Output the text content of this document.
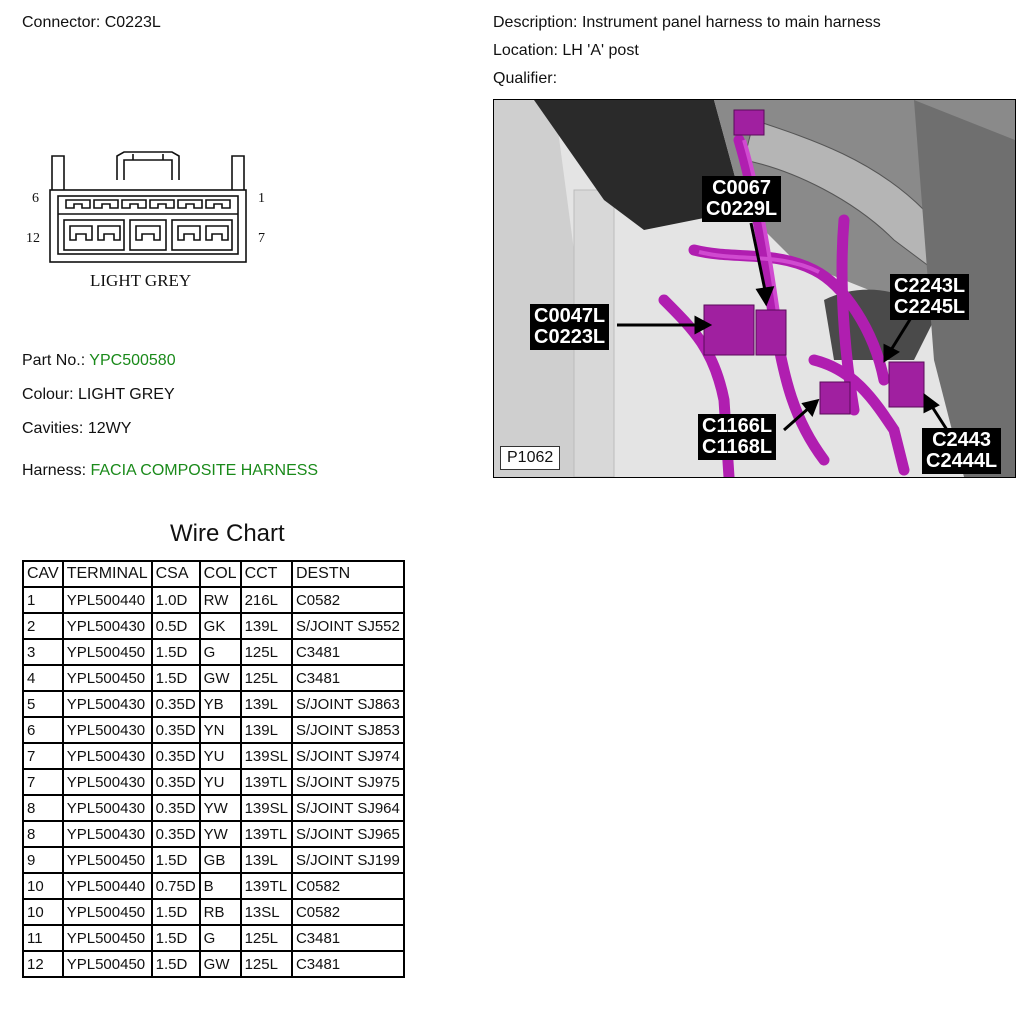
Connector: C0223L	Description: Instrument panel harness to main harness
Location: LH 'A' post
Qualifier:
6	1
12	7
LIGHT GREY
Part No.: YPC500580
Colour: LIGHT GREY
Cavities: 12WY
Harness: FACIA COMPOSITE HARNESS
C0067
C0229L
C0047L
C0223L
C2243L
C2245L
C1166L
C1168L	C2443
C2444L
P1062
Wire Chart
CAV	TERMINAL	CSA	COL	CCT	DESTN
1	YPL500440	1.0D	RW	216L	C0582
2	YPL500430	0.5D	GK	139L	S/JOINT SJ552
3	YPL500450	1.5D	G	125L	C3481
4	YPL500450	1.5D	GW	125L	C3481
5	YPL500430	0.35D	YB	139L	S/JOINT SJ863
6	YPL500430	0.35D	YN	139L	S/JOINT SJ853
7	YPL500430	0.35D	YU	139SL	S/JOINT SJ974
7	YPL500430	0.35D	YU	139TL	S/JOINT SJ975
8	YPL500430	0.35D	YW	139SL	S/JOINT SJ964
8	YPL500430	0.35D	YW	139TL	S/JOINT SJ965
9	YPL500450	1.5D	GB	139L	S/JOINT SJ199
10	YPL500440	0.75D	B	139TL	C0582
10	YPL500450	1.5D	RB	13SL	C0582
11	YPL500450	1.5D	G	125L	C3481
12	YPL500450	1.5D	GW	125L	C3481
